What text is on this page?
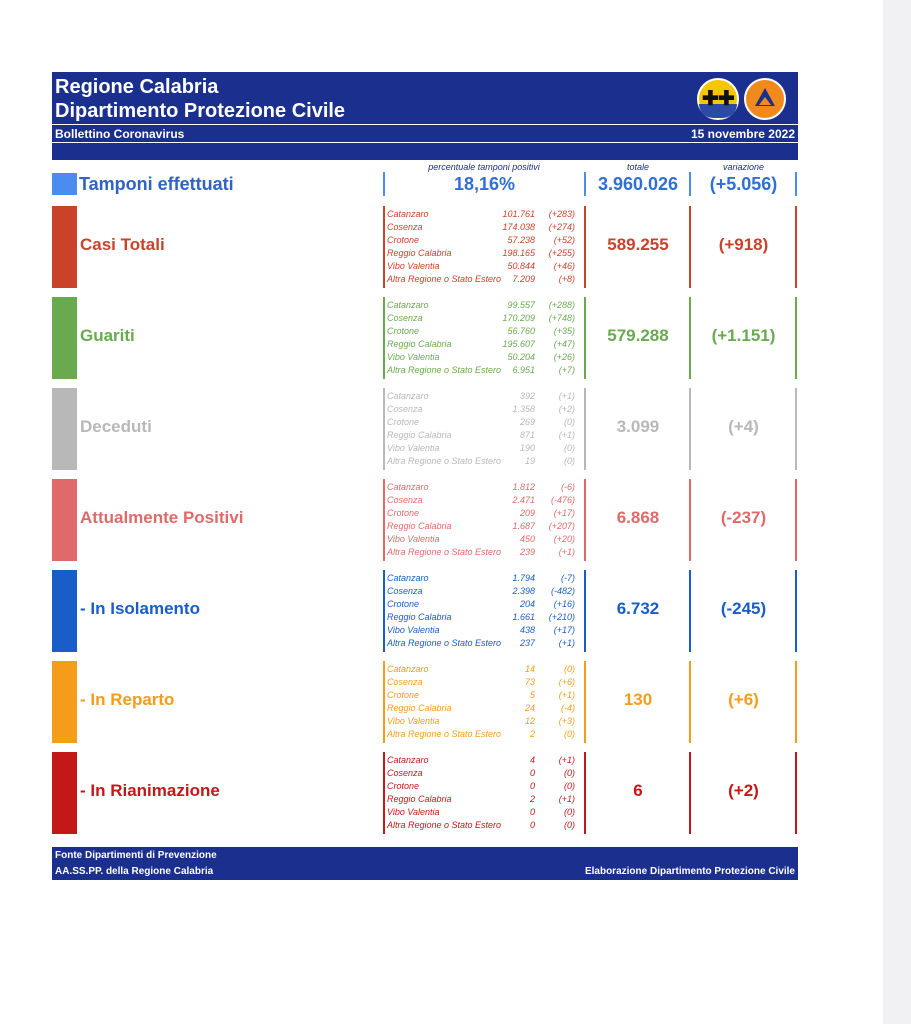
Regione Calabria
Dipartimento Protezione Civile
Bollettino Coronavirus	15 novembre 2022
✚ ✚
percentuale tamponi positivi	totale	variazione
Tamponi effettuati	18,16%	3.960.026	(+5.056)
Casi Totali
Catanzaro	101.761	(+283)
Cosenza	174.038	(+274)
Crotone	57.238	(+52)
Reggio Calabria	198.165	(+255)
Vibo Valentia	50.844	(+46)
Altra Regione o Stato Estero	7.209	(+8)
589.255	(+918)
Guariti
Catanzaro	99.557	(+288)
Cosenza	170.209	(+748)
Crotone	56.760	(+35)
Reggio Calabria	195.607	(+47)
Vibo Valentia	50.204	(+26)
Altra Regione o Stato Estero	6.951	(+7)
579.288	(+1.151)
Deceduti
Catanzaro	392	(+1)
Cosenza	1.358	(+2)
Crotone	269	(0)
Reggio Calabria	871	(+1)
Vibo Valentia	190	(0)
Altra Regione o Stato Estero	19	(0)
3.099	(+4)
Attualmente Positivi
Catanzaro	1.812	(-6)
Cosenza	2.471	(-476)
Crotone	209	(+17)
Reggio Calabria	1.687	(+207)
Vibo Valentia	450	(+20)
Altra Regione o Stato Estero	239	(+1)
6.868	(-237)
- In Isolamento
Catanzaro	1.794	(-7)
Cosenza	2.398	(-482)
Crotone	204	(+16)
Reggio Calabria	1.661	(+210)
Vibo Valentia	438	(+17)
Altra Regione o Stato Estero	237	(+1)
6.732	(-245)
- In Reparto
Catanzaro	14	(0)
Cosenza	73	(+6)
Crotone	5	(+1)
Reggio Calabria	24	(-4)
Vibo Valentia	12	(+3)
Altra Regione o Stato Estero	2	(0)
130	(+6)
- In Rianimazione
Catanzaro	4	(+1)
Cosenza	0	(0)
Crotone	0	(0)
Reggio Calabria	2	(+1)
Vibo Valentia	0	(0)
Altra Regione o Stato Estero	0	(0)
6	(+2)
Fonte Dipartimenti di Prevenzione
AA.SS.PP. della Regione Calabria	Elaborazione Dipartimento Protezione Civile
